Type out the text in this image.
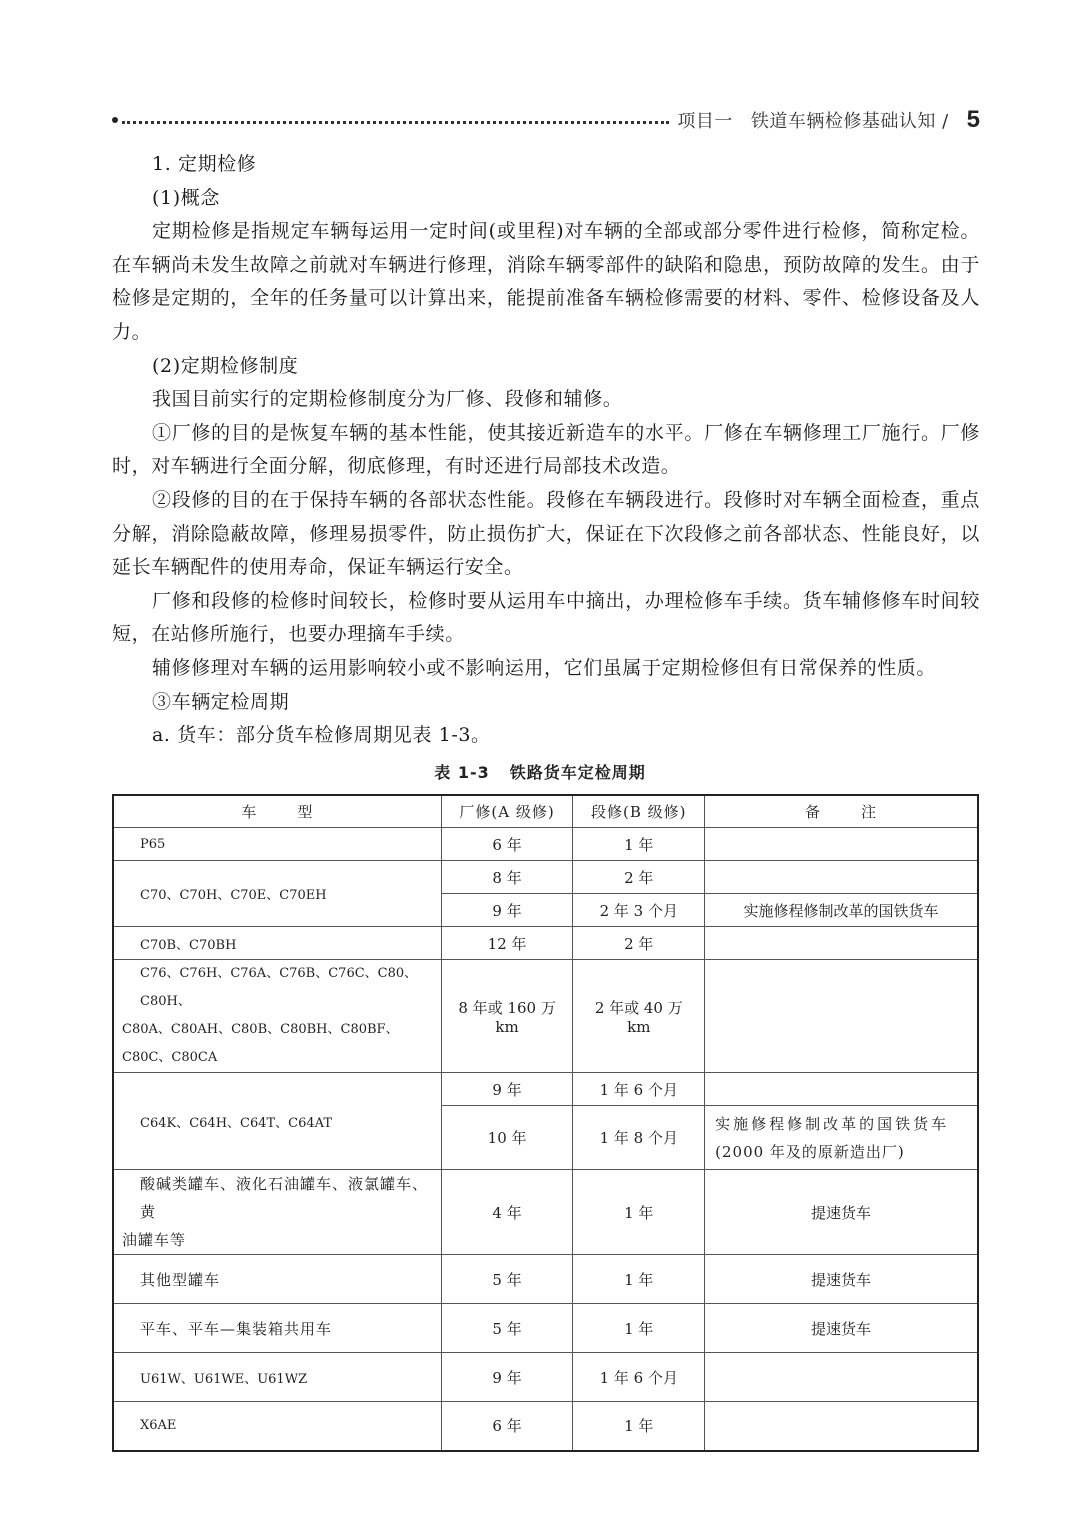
项目一 铁道车辆检修基础认知 / 5

1. 定期检修

(1)概念

定期检修是指规定车辆每运用一定时间(或里程)对车辆的全部或部分零件进行检修，简称定检。在车辆尚未发生故障之前就对车辆进行修理，消除车辆零部件的缺陷和隐患，预防故障的发生。由于检修是定期的，全年的任务量可以计算出来，能提前准备车辆检修需要的材料、零件、检修设备及人力。

(2)定期检修制度

我国目前实行的定期检修制度分为厂修、段修和辅修。

①厂修的目的是恢复车辆的基本性能，使其接近新造车的水平。厂修在车辆修理工厂施行。厂修时，对车辆进行全面分解，彻底修理，有时还进行局部技术改造。

②段修的目的在于保持车辆的各部状态性能。段修在车辆段进行。段修时对车辆全面检查，重点分解，消除隐蔽故障，修理易损零件，防止损伤扩大，保证在下次段修之前各部状态、性能良好，以延长车辆配件的使用寿命，保证车辆运行安全。

厂修和段修的检修时间较长，检修时要从运用车中摘出，办理检修车手续。货车辅修修车时间较短，在站修所施行，也要办理摘车手续。

辅修修理对车辆的运用影响较小或不影响运用，它们虽属于定期检修但有日常保养的性质。

③车辆定检周期

a. 货车：部分货车检修周期见表 1-3。

表 1-3 铁路货车定检周期
车 型	厂修(A 级修)	段修(B 级修)	备 注
P65	6 年	1 年	
C70、C70H、C70E、C70EH	8 年	2 年	
	9 年	2 年 3 个月	实施修程修制改革的国铁货车
C70B、C70BH	12 年	2 年	

C76、C76H、C76A、C76B、C76C、C80、C80H、
C80A、C80AH、C80B、C80BH、C80BF、C80C、C80CA	8 年或 160 万 km	2 年或 40 万 km	
C64K、C64H、C64T、C64AT	9 年	1 年 6 个月	
	10 年	1 年 8 个月	实施修程修制改革的国铁货车
(2000 年及的原新造出厂)

酸碱类罐车、液化石油罐车、液氯罐车、黄
油罐车等	4 年	1 年	提速货车
其他型罐车	5 年	1 年	提速货车
平车、平车—集装箱共用车	5 年	1 年	提速货车
U61W、U61WE、U61WZ	9 年	1 年 6 个月	
X6AE	6 年	1 年	
